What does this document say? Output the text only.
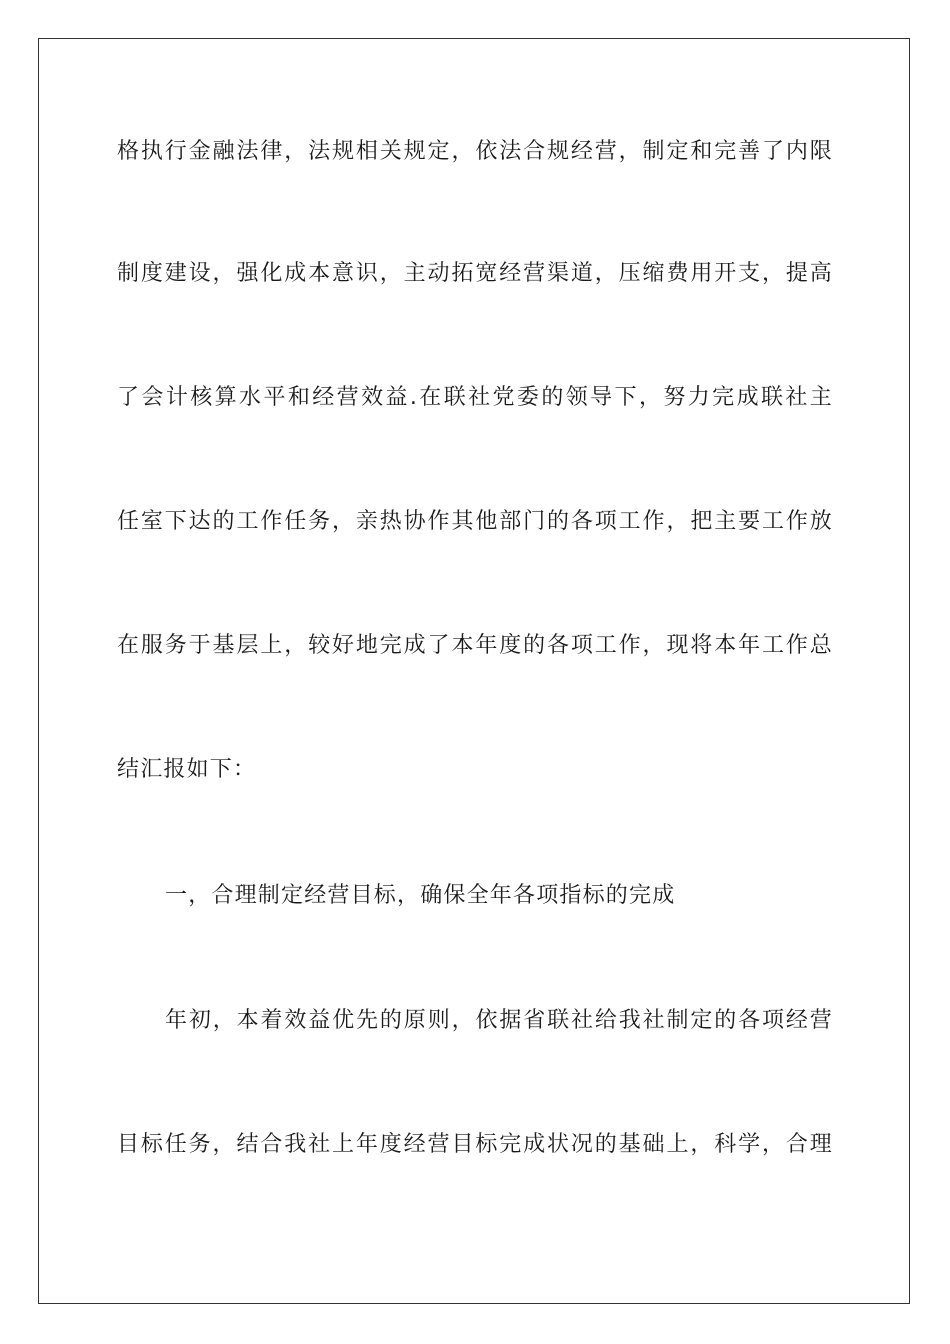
格执行金融法律，法规相关规定，依法合规经营，制定和完善了内限
制度建设，强化成本意识，主动拓宽经营渠道，压缩费用开支，提高
了会计核算水平和经营效益.在联社党委的领导下，努力完成联社主
任室下达的工作任务，亲热协作其他部门的各项工作，把主要工作放
在服务于基层上，较好地完成了本年度的各项工作，现将本年工作总
结汇报如下：
一，合理制定经营目标，确保全年各项指标的完成
年初，本着效益优先的原则，依据省联社给我社制定的各项经营
目标任务，结合我社上年度经营目标完成状况的基础上，科学，合理
